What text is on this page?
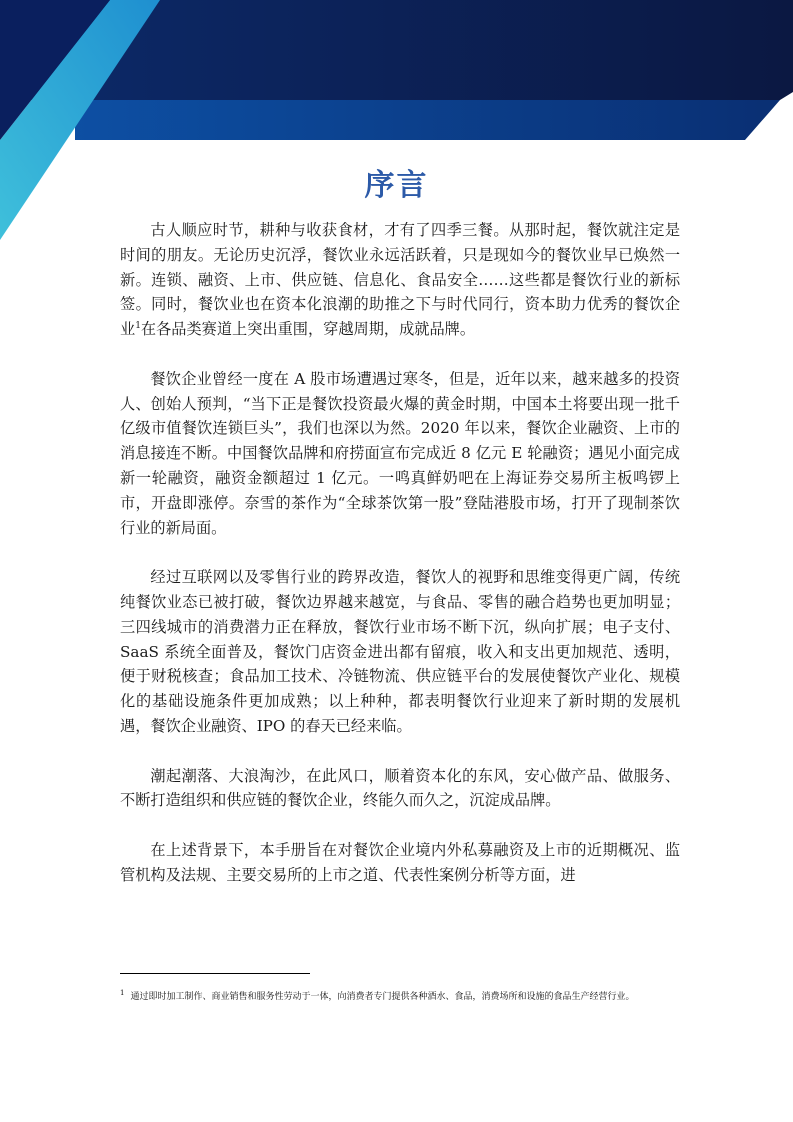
序言

古人顺应时节，耕种与收获食材，才有了四季三餐。从那时起，餐饮就注定是时间的朋友。无论历史沉浮，餐饮业永远活跃着，只是现如今的餐饮业早已焕然一新。连锁、融资、上市、供应链、信息化、食品安全……这些都是餐饮行业的新标签。同时，餐饮业也在资本化浪潮的助推之下与时代同行，资本助力优秀的餐饮企业$^1$在各品类赛道上突出重围，穿越周期，成就品牌。

餐饮企业曾经一度在 A 股市场遭遇过寒冬，但是，近年以来，越来越多的投资人、创始人预判，“当下正是餐饮投资最火爆的黄金时期，中国本土将要出现一批千亿级市值餐饮连锁巨头”，我们也深以为然。2020 年以来，餐饮企业融资、上市的消息接连不断。中国餐饮品牌和府捞面宣布完成近 8 亿元 E 轮融资；遇见小面完成新一轮融资，融资金额超过 1 亿元。一鸣真鲜奶吧在上海证券交易所主板鸣锣上市，开盘即涨停。奈雪的茶作为“全球茶饮第一股”登陆港股市场，打开了现制茶饮行业的新局面。

经过互联网以及零售行业的跨界改造，餐饮人的视野和思维变得更广阔，传统纯餐饮业态已被打破，餐饮边界越来越宽，与食品、零售的融合趋势也更加明显；三四线城市的消费潜力正在释放，餐饮行业市场不断下沉，纵向扩展；电子支付、SaaS 系统全面普及，餐饮门店资金进出都有留痕，收入和支出更加规范、透明，便于财税核查；食品加工技术、冷链物流、供应链平台的发展使餐饮产业化、规模化的基础设施条件更加成熟；以上种种，都表明餐饮行业迎来了新时期的发展机遇，餐饮企业融资、IPO 的春天已经来临。

潮起潮落、大浪淘沙，在此风口，顺着资本化的东风，安心做产品、做服务、不断打造组织和供应链的餐饮企业，终能久而久之，沉淀成品牌。

在上述背景下，本手册旨在对餐饮企业境内外私募融资及上市的近期概况、监管机构及法规、主要交易所的上市之道、代表性案例分析等方面，进

$^1$ 通过即时加工制作、商业销售和服务性劳动于一体，向消费者专门提供各种酒水、食品，消费场所和设施的食品生产经营行业。
